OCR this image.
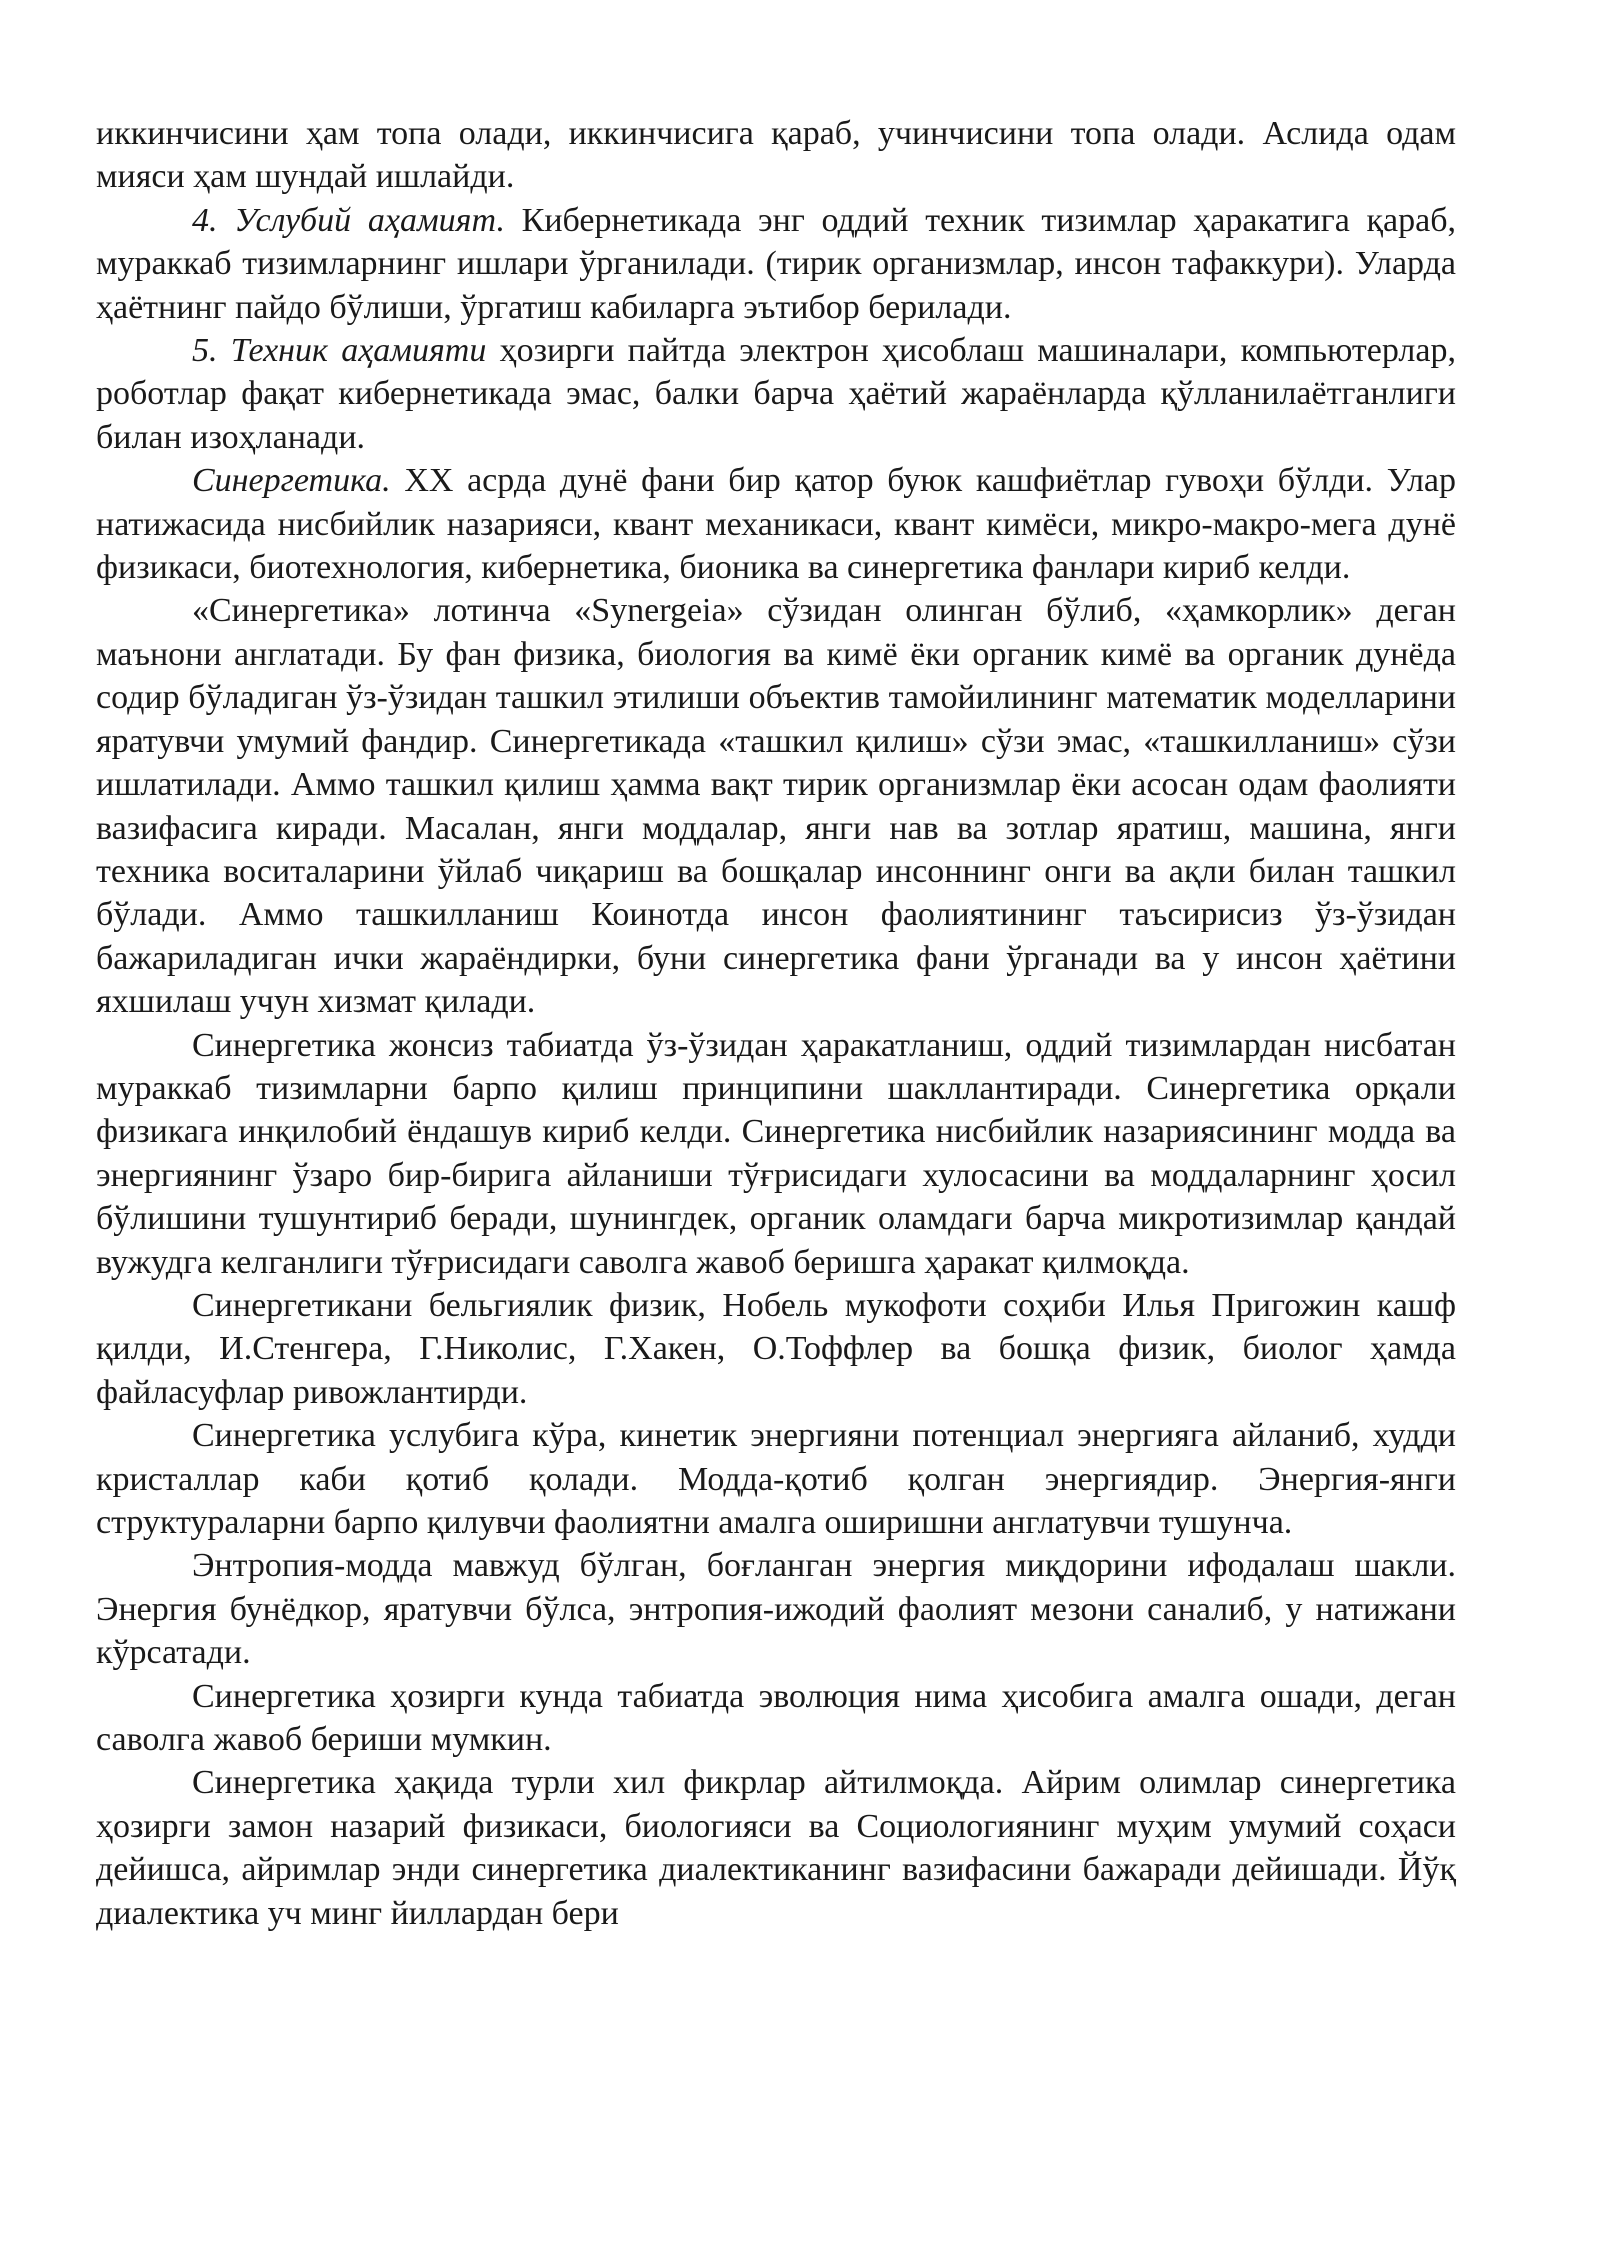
иккинчисини ҳам топа олади, иккинчисига қараб, учинчисини топа олади. Аслида одам мияси ҳам шундай ишлайди.

4. Услубий аҳамият. Кибернетикада энг оддий техник тизимлар ҳаракатига қараб, мураккаб тизимларнинг ишлари ўрганилади. (тирик организмлар, инсон тафаккури). Уларда ҳаётнинг пайдо бўлиши, ўргатиш кабиларга эътибор берилади.

5. Техник аҳамияти ҳозирги пайтда электрон ҳисоблаш машиналари, компьютерлар, роботлар фақат кибернетикада эмас, балки барча ҳаётий жараёнларда қўлланилаётганлиги билан изоҳланади.

Синергетика. XX асрда дунё фани бир қатор буюк кашфиётлар гувоҳи бўлди. Улар натижасида нисбийлик назарияси, квант механикаси, квант кимёси, микро-макро-мега дунё физикаси, биотехнология, кибернетика, бионика ва синергетика фанлари кириб келди.

«Синергетика» лотинча «Synergeia» сўзидан олинган бўлиб, «ҳамкорлик» деган маънони англатади. Бу фан физика, биология ва кимё ёки органик кимё ва органик дунёда содир бўладиган ўз-ўзидан ташкил этилиши объектив тамойилининг математик моделларини яратувчи умумий фандир. Синергетикада «ташкил қилиш» сўзи эмас, «ташкилланиш» сўзи ишлатилади. Аммо ташкил қилиш ҳамма вақт тирик организмлар ёки асосан одам фаолияти вазифасига киради. Масалан, янги моддалар, янги нав ва зотлар яратиш, машина, янги техника воситаларини ўйлаб чиқариш ва бошқалар инсоннинг онги ва ақли билан ташкил бўлади. Аммо ташкилланиш Коинотда инсон фаолиятининг таъсирисиз ўз-ўзидан бажариладиган ички жараёндирки, буни синергетика фани ўрганади ва у инсон ҳаётини яхшилаш учун хизмат қилади.

Синергетика жонсиз табиатда ўз-ўзидан ҳаракатланиш, оддий тизимлардан нисбатан мураккаб тизимларни барпо қилиш принципини шакллантиради. Синергетика орқали физикага инқилобий ёндашув кириб келди. Синергетика нисбийлик назариясининг модда ва энергиянинг ўзаро бир-бирига айланиши тўғрисидаги хулосасини ва моддаларнинг ҳосил бўлишини тушунтириб беради, шунингдек, органик оламдаги барча микротизимлар қандай вужудга келганлиги тўғрисидаги саволга жавоб беришга ҳаракат қилмоқда.

Синергетикани бельгиялик физик, Нобель мукофоти соҳиби Илья Пригожин кашф қилди, И.Стенгера, Г.Николис, Г.Хакен, О.Тоффлер ва бошқа физик, биолог ҳамда файласуфлар ривожлантирди.

Синергетика услубига кўра, кинетик энергияни потенциал энергияга айланиб, худди кристаллар каби қотиб қолади. Модда-қотиб қолган энергиядир. Энергия-янги структураларни барпо қилувчи фаолиятни амалга оширишни англатувчи тушунча.

Энтропия-модда мавжуд бўлган, боғланган энергия миқдорини ифодалаш шакли. Энергия бунёдкор, яратувчи бўлса, энтропия-ижодий фаолият мезони саналиб, у натижани кўрсатади.

Синергетика ҳозирги кунда табиатда эволюция нима ҳисобига амалга ошади, деган саволга жавоб бериши мумкин.

Синергетика ҳақида турли хил фикрлар айтилмоқда. Айрим олимлар синергетика ҳозирги замон назарий физикаси, биологияси ва Социологиянинг муҳим умумий соҳаси дейишса, айримлар энди синергетика диалектиканинг вазифасини бажаради дейишади. Йўқ диалектика уч минг йиллардан бери
